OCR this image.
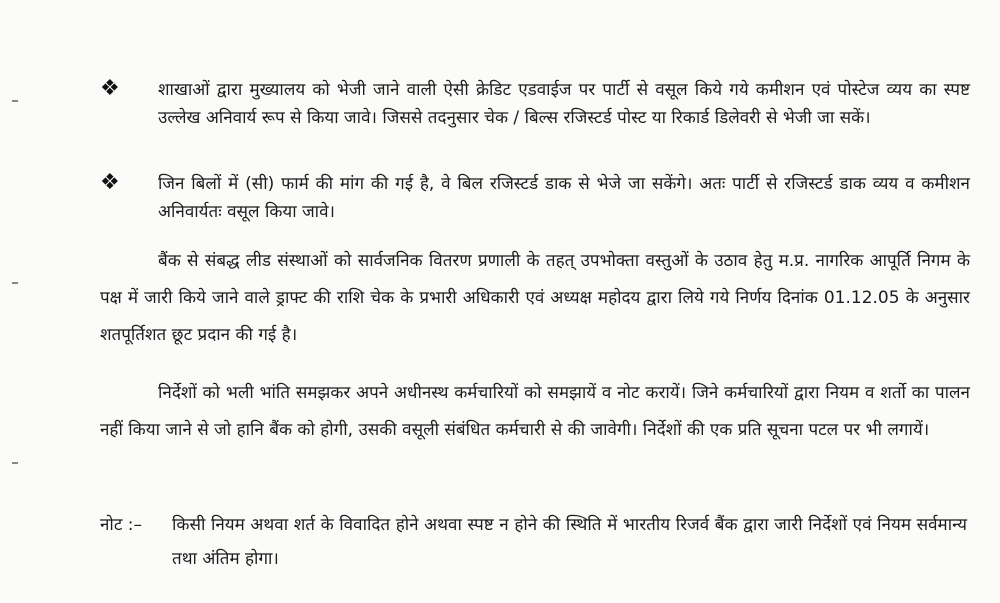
❖ शाखाओं द्वारा मुख्यालय को भेजी जाने वाली ऐसी क्रेडिट एडवाईज पर पार्टी से वसूल किये गये कमीशन एवं पोस्टेज व्यय का स्पष्ट उल्लेख अनिवार्य रूप से किया जावे। जिससे तदनुसार चेक / बिल्स रजिस्टर्ड पोस्ट या रिकार्ड डिलेवरी से भेजी जा सकें।
❖ जिन बिलों में (सी) फार्म की मांग की गई है, वे बिल रजिस्टर्ड डाक से भेजे जा सकेंगे। अतः पार्टी से रजिस्टर्ड डाक व्यय व कमीशन अनिवार्यतः वसूल किया जावे।
बैंक से संबद्ध लीड संस्थाओं को सार्वजनिक वितरण प्रणाली के तहत् उपभोक्ता वस्तुओं के उठाव हेतु म.प्र. नागरिक आपूर्ति निगम के पक्ष में जारी किये जाने वाले ड्राफ्ट की राशि चेक के प्रभारी अधिकारी एवं अध्यक्ष महोदय द्वारा लिये गये निर्णय दिनांक 01.12.05 के अनुसार शतपूर्तिशत छूट प्रदान की गई है।
निर्देशों को भली भांति समझकर अपने अधीनस्थ कर्मचारियों को समझायें व नोट करायें। जिने कर्मचारियों द्वारा नियम व शर्तो का पालन नहीं किया जाने से जो हानि बैंक को होगी, उसकी वसूली संबंधित कर्मचारी से की जावेगी। निर्देशों की एक प्रति सूचना पटल पर भी लगायें।
नोट :– किसी नियम अथवा शर्त के विवादित होने अथवा स्पष्ट न होने की स्थिति में भारतीय रिजर्व बैंक द्वारा जारी निर्देशों एवं नियम सर्वमान्य तथा अंतिम होगा।
